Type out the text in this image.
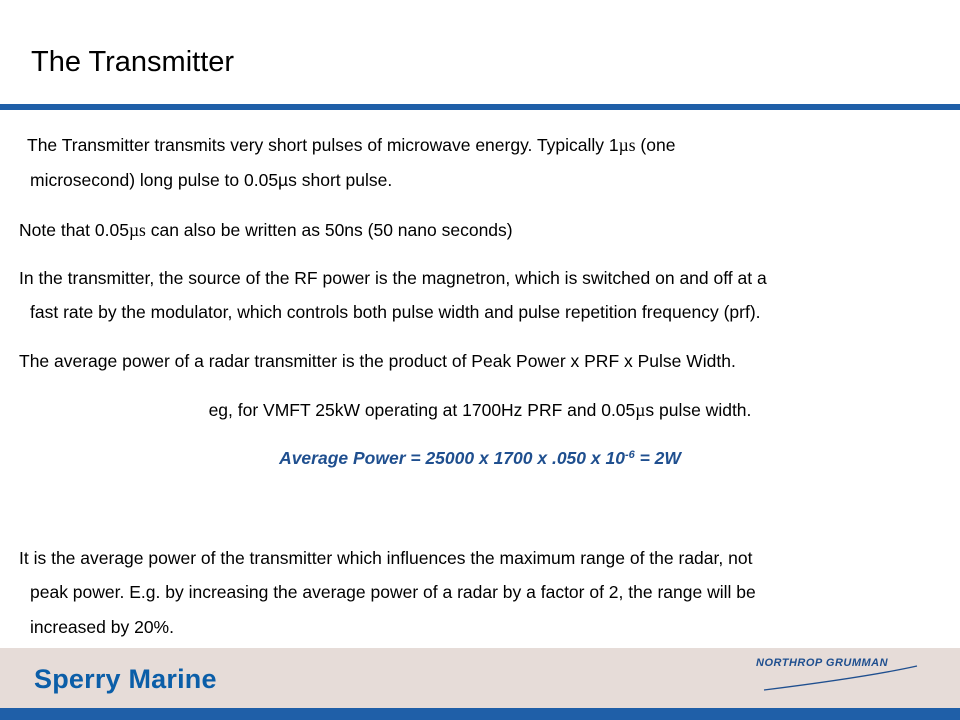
The Transmitter
The Transmitter transmits very short pulses of microwave energy. Typically 1µs (one
microsecond) long pulse to 0.05µs short pulse.
Note that 0.05µs can also be written as 50ns (50 nano seconds)
In the transmitter, the source of the RF power is the magnetron, which is switched on and off at a
fast rate by the modulator, which controls both pulse width and pulse repetition frequency (prf).
The average power of a radar transmitter is the product of Peak Power x PRF x Pulse Width.
eg, for VMFT 25kW operating at 1700Hz PRF and 0.05µs pulse width.
Average Power = 25000 x 1700 x .050 x $10^{-6} = 2W$
It is the average power of the transmitter which influences the maximum range of the radar, not
peak power. E.g. by increasing the average power of a radar by a factor of 2, the range will be
increased by 20%.
Sperry Marine
NORTHROP GRUMMAN
